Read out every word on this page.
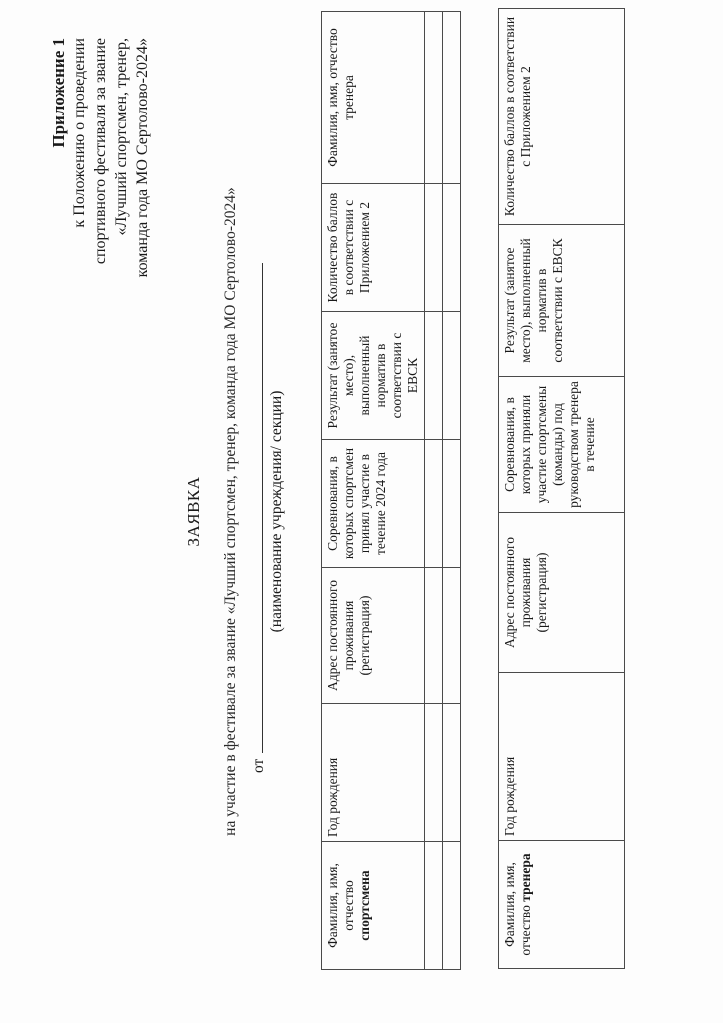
Приложение 1 к Положению о проведении спортивного фестиваля за звание «Лучший спортсмен, тренер, команда года МО Сертолово-2024»
ЗАЯВКА на участие в фестивале за звание «Лучший спортсмен, тренер, команда года МО Сертолово-2024» от
(наименование учреждения/ секции)
Фамилия, имя, отчество спортсмена	Год рождения	Адрес постоянного проживания (регистрация)	Соревнования, в которых спортсмен принял участие в течение 2024 года	Результат (занятое место), выполненный норматив в соответствии с ЕВСК	Количество баллов в соответствии с Приложением 2	Фамилия, имя, отчество тренера

Фамилия, имя, отчество тренера	Год рождения	Адрес постоянного проживания (регистрация)	Соревнования, в которых приняли участие спортсмены (команды) под руководством тренера в течение	Результат (занятое место), выполненный норматив в соответствии с ЕВСК	Количество баллов в соответствии с Приложением 2
